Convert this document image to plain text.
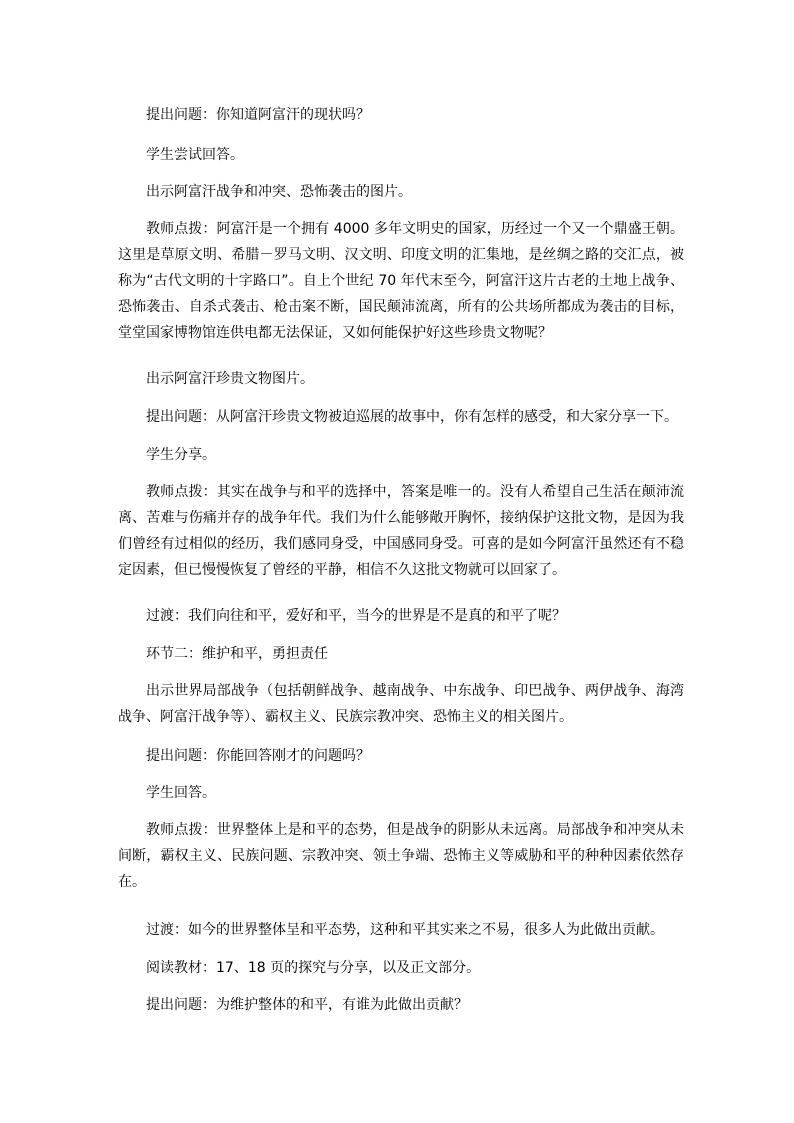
提出问题：你知道阿富汗的现状吗？

学生尝试回答。

出示阿富汗战争和冲突、恐怖袭击的图片。

教师点拨：阿富汗是一个拥有 4000 多年文明史的国家，历经过一个又一个鼎盛王朝。这里是草原文明、希腊－罗马文明、汉文明、印度文明的汇集地，是丝绸之路的交汇点，被称为“古代文明的十字路口”。自上个世纪 70 年代末至今，阿富汗这片古老的土地上战争、恐怖袭击、自杀式袭击、枪击案不断，国民颠沛流离，所有的公共场所都成为袭击的目标，堂堂国家博物馆连供电都无法保证，又如何能保护好这些珍贵文物呢？

出示阿富汗珍贵文物图片。

提出问题：从阿富汗珍贵文物被迫巡展的故事中，你有怎样的感受，和大家分享一下。

学生分享。

教师点拨：其实在战争与和平的选择中，答案是唯一的。没有人希望自己生活在颠沛流离、苦难与伤痛并存的战争年代。我们为什么能够敞开胸怀，接纳保护这批文物，是因为我们曾经有过相似的经历，我们感同身受，中国感同身受。可喜的是如今阿富汗虽然还有不稳定因素，但已慢慢恢复了曾经的平静，相信不久这批文物就可以回家了。

过渡：我们向往和平，爱好和平，当今的世界是不是真的和平了呢？

环节二：维护和平，勇担责任

出示世界局部战争（包括朝鲜战争、越南战争、中东战争、印巴战争、两伊战争、海湾战争、阿富汗战争等）、霸权主义、民族宗教冲突、恐怖主义的相关图片。

提出问题：你能回答刚才的问题吗？

学生回答。

教师点拨：世界整体上是和平的态势，但是战争的阴影从未远离。局部战争和冲突从未间断，霸权主义、民族问题、宗教冲突、领土争端、恐怖主义等威胁和平的种种因素依然存在。

过渡：如今的世界整体呈和平态势，这种和平其实来之不易，很多人为此做出贡献。

阅读教材：17、18 页的探究与分享，以及正文部分。

提出问题：为维护整体的和平，有谁为此做出贡献？
